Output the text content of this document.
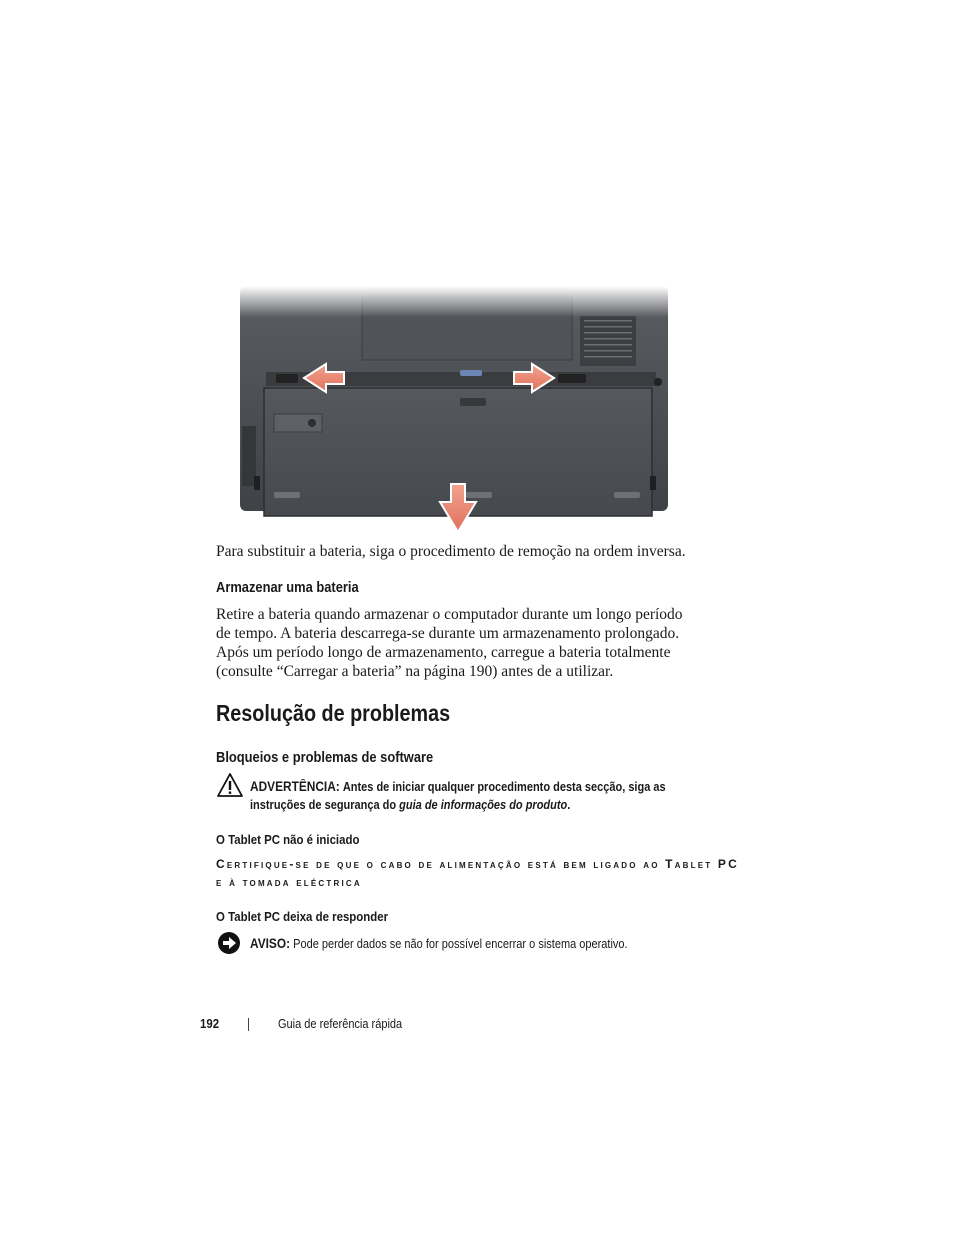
Para substituir a bateria, siga o procedimento de remoção na ordem inversa.

Armazenar uma bateria

Retire a bateria quando armazenar o computador durante um longo período
de tempo. A bateria descarrega-se durante um armazenamento prolongado.
Após um período longo de armazenamento, carregue a bateria totalmente
(consulte “Carregar a bateria” na página 190) antes de a utilizar.

Resolução de problemas
Bloqueios e problemas de software
ADVERTÊNCIA: Antes de iniciar qualquer procedimento desta secção, siga as
instruções de segurança do guia de informações do produto.
O Tablet PC não é iniciado
Certifique-se de que o cabo de alimentação está bem ligado ao Tablet PC
e à tomada eléctrica
O Tablet PC deixa de responder
AVISO: Pode perder dados se não for possível encerrar o sistema operativo.
192	Guia de referência rápida
